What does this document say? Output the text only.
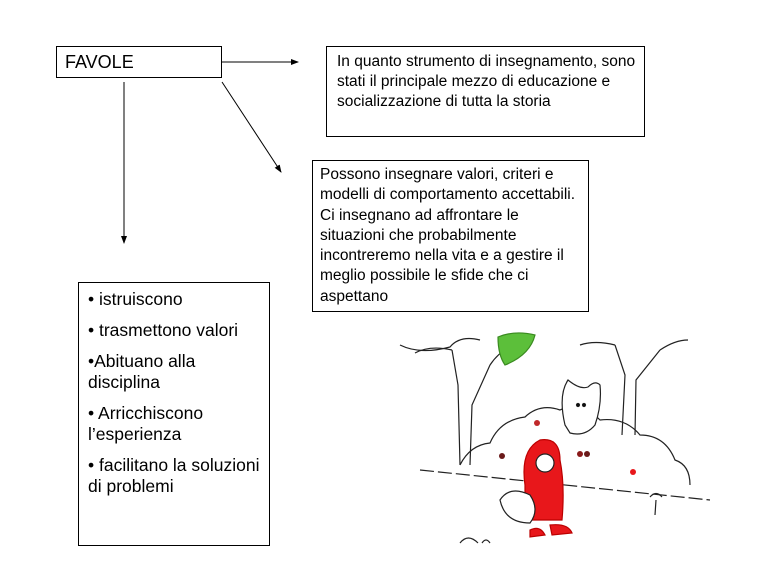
FAVOLE	In quanto strumento di insegnamento, sono stati il principale mezzo di educazione e socializzazione di tutta la storia
Possono insegnare valori, criteri e modelli di comportamento accettabili. Ci insegnano ad affrontare le situazioni che probabilmente incontreremo nella vita e a gestire il meglio possibile le sfide che ci aspettano
• istruiscono
• trasmettono valori
•Abituano alla disciplina
• Arricchiscono l’esperienza
• facilitano la soluzioni di problemi
